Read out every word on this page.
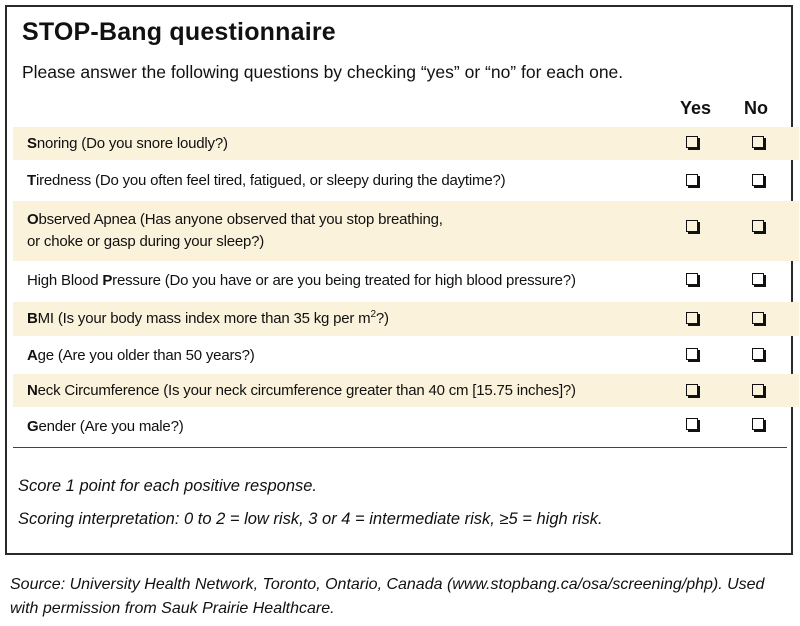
STOP-Bang questionnaire
Please answer the following questions by checking “yes” or “no” for each one.
Yes No
Snoring (Do you snore loudly?)
Tiredness (Do you often feel tired, fatigued, or sleepy during the daytime?)
Observed Apnea (Has anyone observed that you stop breathing,
or choke or gasp during your sleep?)
High Blood Pressure (Do you have or are you being treated for high blood pressure?)
BMI (Is your body mass index more than 35 kg per $m^2$?)
Age (Are you older than 50 years?)
Neck Circumference (Is your neck circumference greater than 40 cm [15.75 inches]?)
Gender (Are you male?)
Score 1 point for each positive response.
Scoring interpretation: 0 to 2 = low risk, 3 or 4 = intermediate risk, ≥5 = high risk.
Source: University Health Network, Toronto, Ontario, Canada (www.stopbang.ca/osa/screening/php). Used with permission from Sauk Prairie Healthcare.
